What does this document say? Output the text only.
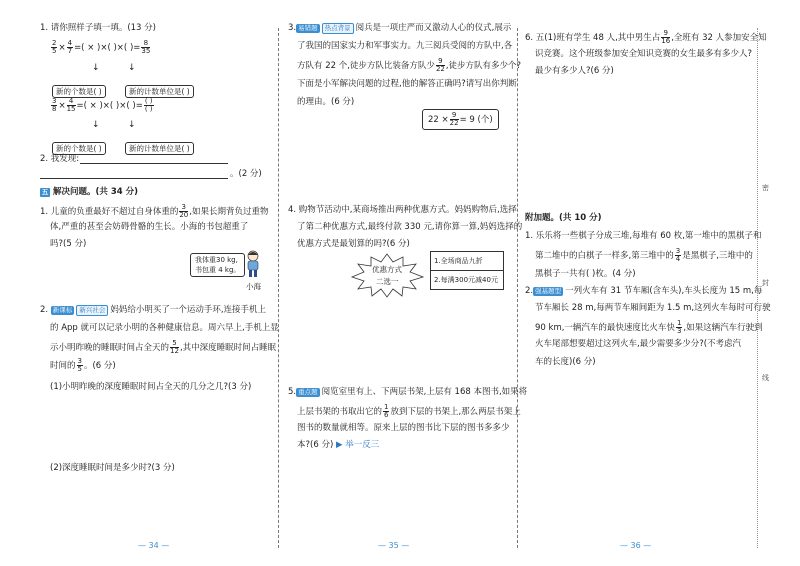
1. 请你照样子填一填。(13 分)
$\frac{2}{5} \times \frac{4}{7}$ =( × )×( )×( )= $\frac{8}{35}$
↓	↓
新的个数是( )	新的计数单位是( )
$\frac{3}{8} \times \frac{4}{15}$ =( × )×( )×( )= $\frac{( )}{( )}$
↓	↓
新的个数是( )	新的计数单位是( )
2. 我发现:
。(2 分)
五 解决问题。(共 34 分)
1. 儿童的负重最好不超过自身体重的 $\frac{3}{20}$ ,如果长期背负过重物
体,严重的甚至会妨碍骨骼的生长。小海的书包超重了
吗?(5 分)
我体重30 kg,
书包重 4 kg。
小海
2. 新课标 新兴社会 妈妈给小明买了一个运动手环,连接手机上
的 App 就可以记录小明的各种健康信息。周六早上,手机上显
示小明昨晚的睡眠时间占全天的 $\frac{5}{12}$ ,其中深度睡眠时间占睡眠
时间的 $\frac{3}{5}$ 。(6 分)
(1)小明昨晚的深度睡眠时间占全天的几分之几?(3 分)
(2)深度睡眠时间是多少时?(3 分)
— 34 —
3. 易错题 热点背景 阅兵是一项庄严而又激动人心的仪式,展示
了我国的国家实力和军事实力。九三阅兵受阅的方队中,各
方队有 22 个,徒步方队比装备方队少 $\frac{9}{22}$ ,徒步方队有多少个?
下面是小军解决问题的过程,他的解答正确吗?请写出你判断
的理由。(6 分)
$22 \times \frac{9}{22} = 9$ (个)
4. 购物节活动中,某商场推出两种优惠方式。妈妈购物后,选择
了第二种优惠方式,最终付款 330 元,请你算一算,妈妈选择的
优惠方式是最划算的吗?(6 分)
优惠方式
二选一
1.全场商品九折
2.每满300元减40元
5. 重点题 阅览室里有上、下两层书架,上层有 168 本图书,如果将
上层书架的书取出它的 $\frac{1}{6}$ 放到下层的书架上,那么两层书架上
图书的数量就相等。原来上层的图书比下层的图书多多少
本?(6 分) ▶ 举一反三
— 35 —
6. 五(1)班有学生 48 人,其中男生占 $\frac{9}{16}$ ,全班有 32 人参加安全知
识竞赛。这个班级参加安全知识竞赛的女生最多有多少人?
最少有多少人?(6 分)
附加题。(共 10 分)
1. 乐乐将一些棋子分成三堆,每堆有 60 枚,第一堆中的黑棋子和
第二堆中的白棋子一样多,第三堆中的 $\frac{3}{4}$ 是黑棋子,三堆中的
黑棋子一共有( )枚。(4 分)
2. 强基题型 一列火车有 31 节车厢(含车头),车头长度为 15 m,每
节车厢长 28 m,每两节车厢间距为 1.5 m,这列火车每时可行驶
90 km,一辆汽车的最快速度比火车快 $\frac{1}{3}$ ,如果这辆汽车行驶到
火车尾部想要超过这列火车,最少需要多少分?(不考虑汽
车的长度)(6 分)
密
封
线
— 36 —
